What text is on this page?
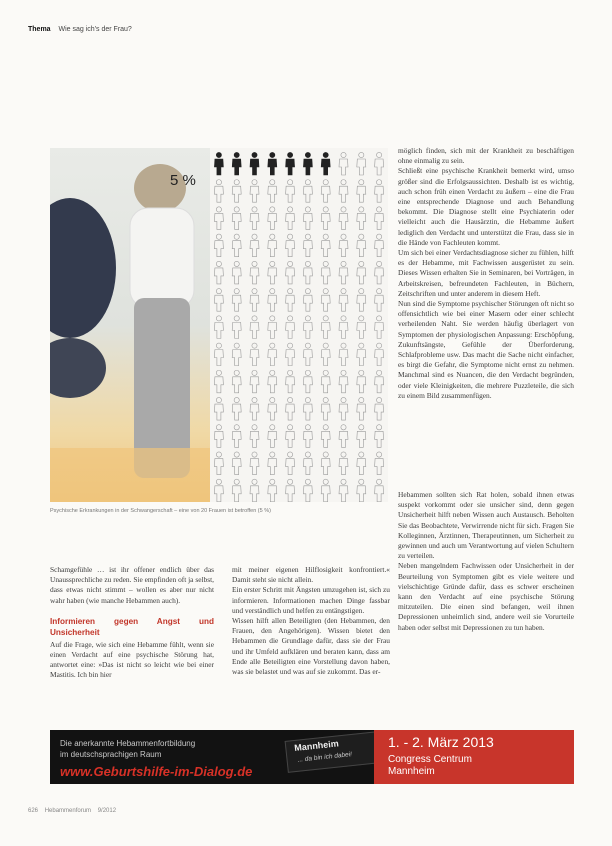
Thema Wie sag ich's der Frau?
5 %
Psychische Erkrankungen in der Schwangerschaft – eine von 20 Frauen ist betroffen (5 %)

möglich finden, sich mit der Krankheit zu beschäftigen ohne einmalig zu sein.

Schließt eine psychische Krankheit bemerkt wird, umso größer sind die Erfolgsaussichten. Deshalb ist es wichtig, auch schon früh einen Verdacht zu äußern – eine die Frau eine entsprechende Diagnose und auch Behandlung bekommt. Die Diagnose stellt eine Psychiaterin oder vielleicht auch die Hausärztin, die Hebamme äußert lediglich den Verdacht und unterstützt die Frau, dass sie in die Hände von Fachleuten kommt.

Um sich bei einer Verdachtsdiagnose sicher zu fühlen, hilft es der Hebamme, mit Fachwissen ausgerüstet zu sein. Dieses Wissen erhalten Sie in Seminaren, bei Vorträgen, in Arbeitskreisen, befreundeten Fachleuten, in Büchern, Zeitschriften und unter anderem in diesem Heft.

Nun sind die Symptome psychischer Störungen oft nicht so offensichtlich wie bei einer Masern oder einer schlecht verheilenden Naht. Sie werden häufig überlagert von Symptomen der physiologischen Anpassung: Erschöpfung, Zukunftsängste, Gefühle der Überforderung, Schlafprobleme usw. Das macht die Sache nicht einfacher, es birgt die Gefahr, die Symptome nicht ernst zu nehmen. Manchmal sind es Nuancen, die den Verdacht begründen, oder viele Kleinigkeiten, die mehrere Puzzleteile, die sich zu einem Bild zusammenfügen.

Hebammen sollten sich Rat holen, sobald ihnen etwas suspekt vorkommt oder sie unsicher sind, denn gegen Unsicherheit hilft neben Wissen auch Austausch. Beholten Sie das Beobachtete, Verwirrende nicht für sich. Fragen Sie Kolleginnen, Ärztinnen, Therapeutinnen, um Sicherheit zu gewinnen und auch um Verantwortung auf vielen Schultern zu verteilen.

Neben mangelndem Fachwissen oder Unsicherheit in der Beurteilung von Symptomen gibt es viele weitere und vielschichtige Gründe dafür, dass es schwer erscheinen kann den Verdacht auf eine psychische Störung mitzuteilen. Die einen sind befangen, weil ihnen Depressionen unheimlich sind, andere weil sie Vorurteile haben oder selbst mit Depressionen zu tun haben.

Schamgefühle … ist ihr offener endlich über das Unaussprechliche zu reden. Sie empfinden oft ja selbst, dass etwas nicht stimmt – wollen es aber nur nicht wahr haben (wie manche Hebammen auch).

Informieren gegen Angst und Unsicherheit

Auf die Frage, wie sich eine Hebamme fühlt, wenn sie einen Verdacht auf eine psychische Störung hat, antwortet eine: »Das ist nicht so leicht wie bei einer Mastitis. Ich bin hier

mit meiner eigenen Hilflosigkeit konfrontiert.« Damit steht sie nicht allein.

Ein erster Schritt mit Ängsten umzugehen ist, sich zu informieren. Informationen machen Dinge fassbar und verständlich und helfen zu entängstigen.

Wissen hilft allen Beteiligten (den Hebammen, den Frauen, den Angehörigen). Wissen bietet den Hebammen die Grundlage dafür, dass sie der Frau und ihr Umfeld aufklären und beraten kann, dass am Ende alle Beteiligten eine Vorstellung davon haben, was sie belastet und was auf sie zukommt. Das er-

Die anerkannte Hebammenfortbildung
im deutschsprachigen Raum
www.Geburtshilfe-im-Dialog.de
Mannheim
... da bin ich dabei!
1. - 2. März 2013
Congress Centrum
Mannheim
626 Hebammenforum 9/2012
